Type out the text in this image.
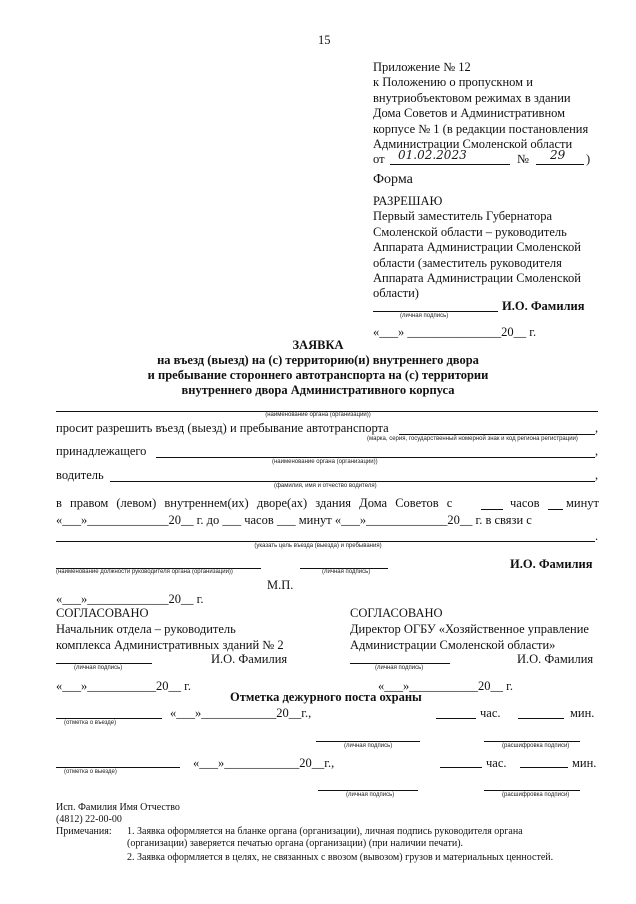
15
Приложение № 12
к Положению о пропускном и
внутриобъектовом режимах в здании
Дома Советов и Административном
корпусе № 1 (в редакции постановления
Администрации Смоленской области
от 01.02.2023	№ 29 )
Форма
РАЗРЕШАЮ
Первый заместитель Губернатора
Смоленской области – руководитель
Аппарата Администрации Смоленской
области (заместитель руководителя
Аппарата Администрации Смоленской
области)
(личная подпись)
И.О. Фамилия
«___» _______________20__ г.
ЗАЯВКА
на въезд (выезд) на (с) территорию(и) внутреннего двора
и пребывание стороннего автотранспорта на (с) территории
внутреннего двора Административного корпуса
(наименование органа (организации))
просит разрешить въезд (выезд) и пребывание автотранспорта	,
(марка, серия, государственный номерной знак и код региона регистрации)
принадлежащего	,
(наименование органа (организации))
водитель	,
(фамилия, имя и отчество водителя)
в правом (левом) внутреннем(их) дворе(ах) здания Дома Советов с	часов минут
«___»_____________20__ г. до ___ часов ___ минут «___»_____________20__ г. в связи с
.
(указать цель въезда (выезда) и пребывания)
(наименование должности руководителя органа (организации))	(личная подпись)
И.О. Фамилия
М.П.
«___»_____________20__ г.
СОГЛАСОВАНО
Начальник отдела – руководитель
комплекса Административных зданий № 2
(личная подпись)
И.О. Фамилия
«___»___________20__ г.
СОГЛАСОВАНО
Директор ОГБУ «Хозяйственное управление
Администрации Смоленской области»
(личная подпись)
И.О. Фамилия
«___»___________20__ г.
Отметка дежурного поста охраны
(отметка о въезде)
«___»____________20__г.,	час.	мин.
(личная подпись)	(расшифровка подписи)
(отметка о выезде)
«___»____________20__г.,	час.	мин.
(личная подпись)	(расшифровка подписи)
Исп. Фамилия Имя Отчество
(4812) 22-00-00
Примечания: 1. Заявка оформляется на бланке органа (организации), личная подпись руководителя органа
(организации) заверяется печатью органа (организации) (при наличии печати).
2. Заявка оформляется в целях, не связанных с ввозом (вывозом) грузов и материальных ценностей.
